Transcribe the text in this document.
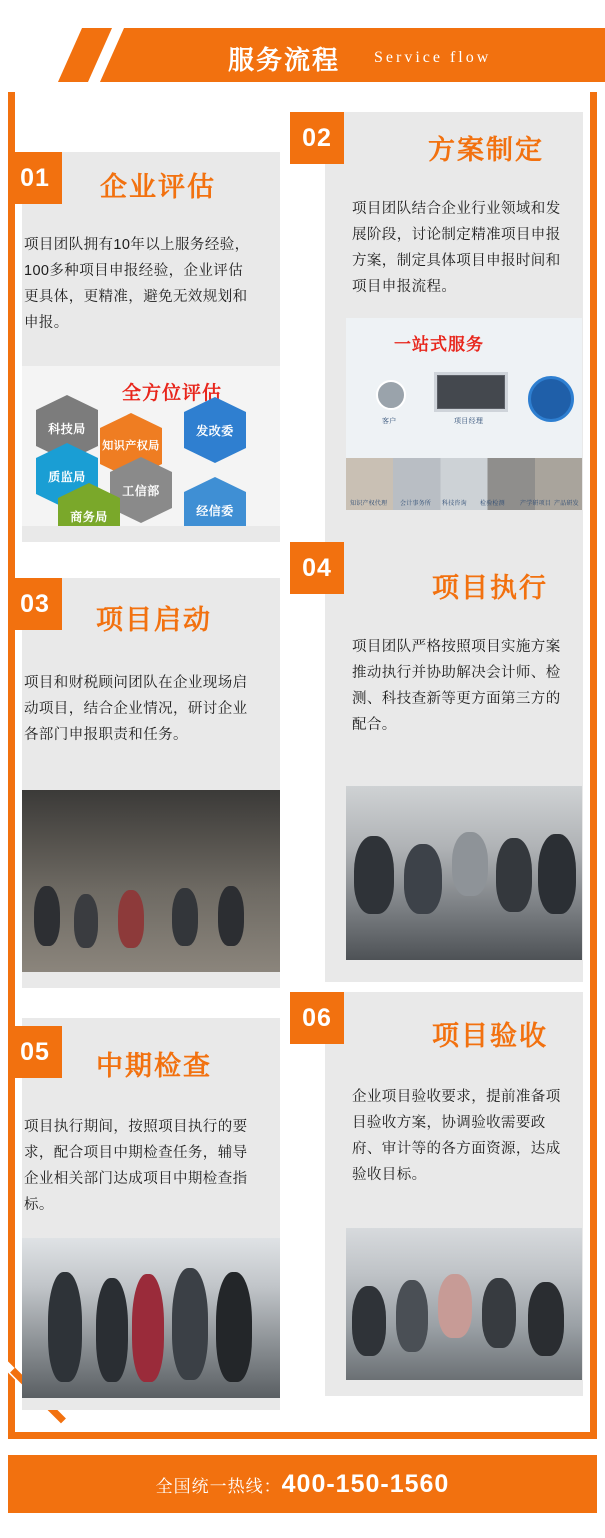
服务流程 Service flow
01	企业评估
项目团队拥有10年以上服务经验，100多种项目申报经验，企业评估更具体，更精准，避免无效规划和申报。
全方位评估
科技局
知识产权局
发改委
质监局
工信部
商务局	经信委
02	方案制定
项目团队结合企业行业领域和发展阶段，讨论制定精准项目申报方案，制定具体项目申报时间和项目申报流程。
一站式服务
项目经理
客户
知识产权代理 会计事务所 科技咨询 检验检测	产学研项目 产品研发
03
项目启动
项目和财税顾问团队在企业现场启动项目，结合企业情况，研讨企业各部门申报职责和任务。
04
项目执行
项目团队严格按照项目实施方案推动执行并协助解决会计师、检测、科技查新等更方面第三方的配合。
05	中期检查
项目执行期间，按照项目执行的要求，配合项目中期检查任务，辅导企业相关部门达成项目中期检查指标。
06
项目验收
企业项目验收要求，提前准备项目验收方案，协调验收需要政府、审计等的各方面资源，达成验收目标。
全国统一热线： 400-150-1560
